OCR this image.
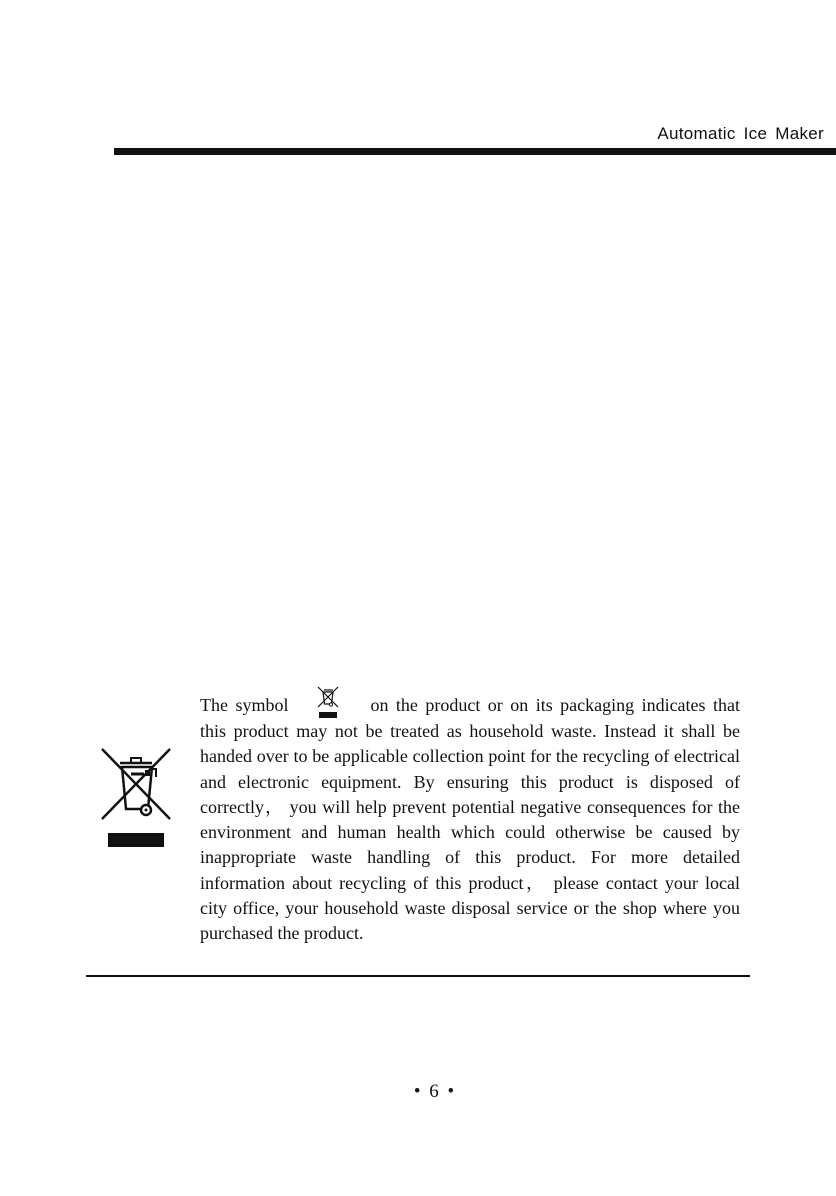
Automatic Ice Maker

The symbol	on the product or on its packaging indicates that this product may not be treated as household waste. Instead it shall be handed over to be applicable collection point for the recycling of electrical and electronic equipment. By ensuring this product is disposed of correctly， you will help prevent potential negative consequences for the environment and human health which could otherwise be caused by inappropriate waste handling of this product. For more detailed information about recycling of this product， please contact your local city office, your household waste disposal service or the shop where you purchased the product.

• 6 •
